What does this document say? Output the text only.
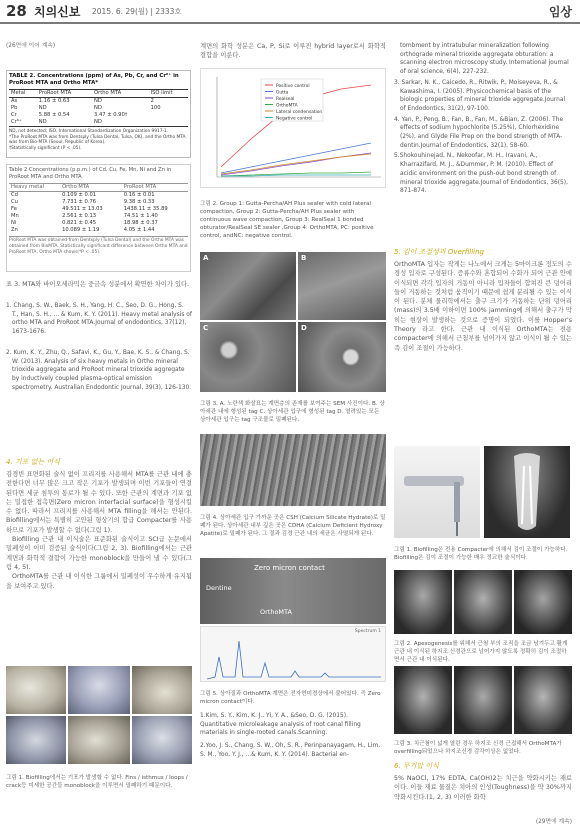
28 치의신보 2015. 6. 29(월) | 2333호	임상
(26면에 이어 계속)
TABLE 2. Concentrations (ppm) of As, Pb, Cr, and Cr⁶⁺ in ProRoot MTA and Ortho MTA*
Metal	ProRoot MTA	Ortho MTA	ISO limit
As	1.16 ± 0.63	ND	2
Pb	ND	ND	100
Cr	5.88 ± 0.54	3.47 ± 0.90†	
Cr⁶⁺	ND	ND	
ND, not detected; ISO, International Standardization Organization 9917-1.
*The ProRoot MTA was from Dentsply (Tulsa Dental, Tulsa, OK), and the Ortho MTA was from Bio-MTA (Seoul, Republic of Korea).
†Statistically significant (P < .05).
Table 2 Concentrations (p.p.m.) of Cd, Cu, Fe, Mn, Ni and Zn in ProRoot MTA and Ortho MTA
Heavy metal	Ortho MTA	ProRoot MTA
Cd	0.109 ± 0.01	0.16 ± 0.01
Cu	7.731 ± 0.76	9.38 ± 0.33
Fe	49.511 ± 13.03	1438.11 ± 35.89
Mn	2.561 ± 0.13	74.51 ± 1.40
Ni	0.821 ± 0.45	18.98 ± 0.37
Zn	10.089 ± 1.19	4.05 ± 1.44
ProRoot MTA was obtained from Dentsply (Tulsa Dental) and the Ortho MTA was obtained from BioMTA. Statistically significant difference between Ortho MTA and ProRoot MTA, Ortho MTA shows(*P < .05).
표 3. MTA와 바이오세라믹은 중금속 성분에서 확연한 차이가 있다.
1. Chang, S. W., Baek, S. H., Yang, H. C., Seo, D. G., Hong, S. T., Han, S. H., ... & Kum, K. Y. (2011). Heavy metal analysis of ortho MTA and ProRoot MTA.Journal of endodontics, 37(12), 1673-1676.
2. Kum, K. Y., Zhu, Q., Safavi, K., Gu, Y., Bae, K. S., & Chang, S. W. (2013). Analysis of six heavy metals in Ortho mineral trioxide aggregate and ProRoot mineral trioxide aggregate by inductively coupled plasma-optical emission spectrometry. Australian Endodontic Journal, 39(3), 126-130.
4. 기포 없는 이식
김경빈 표면화된 술식 없이 프리지를 사용해서 MTA를 근관 내에 충전한다면 너무 많은 크고 작은 기포가 발생되며 이번 기포들이 연결된다면 세균 침투의 통로가 될 수 있다. 또한 근관의 계면과 기포 없는 밀접한 접촉면(Zero micron interfacial surface)을 형성시킬 수 없다. 따라서 프리지를 사용해서 MTA filling을 해서는 안된다. Biofilling에서는 특별히 고안된 형상기의 합급 Compacter를 사용하므로 기포가 발생할 수 없다(그림 1).
Biofilling 근관 내 이식술은 표준화된 술식이고 SCI급 논문에서 밀폐성이 이미 검증된 술식이다(그림 2, 3). Biofilling에서는 근관 계면과 화학적 결합이 가능한 monoblock을 만들어 낼 수 있다(그림 4, 5).
OrthoMTA를 근관 내 이식한 그룹에서 밀폐성이 우수하게 유지됨을 보여주고 있다.
그림 1. Biofilling에서는 기포가 발생할 수 없다. Fins / isthmus / loops / crack등 미세한 공간들 monoblock을 이루면서 밀폐하기 때문이다.
계면의 화학 성분은 Ca, P, Si로 이루진 hybrid layer로서 화학적 결합을 이룬다.
Positive control
Gutta
Realseal
OrthoMTA
Lateral condensation
Negative control
그림 2. Group 1: Gutta-Percha/AH Plus sealer with cold lateral compaction, Group 2: Gutta-Percha/AH Plus sealer with continuous wave compaction, Group 3: RealSeal 1 bonded obturator/RealSeal SE sealer ,Group 4: OrthoMTA, PC: positive control, andNC: negative control.
A	B
C	D
그림 3. A. 노란색 화살표는 계면층의 존재를 보여주는 SEM 사진이다. B. 상아세관 내에 형성된 tag C. 상아세관 입구에 형성된 tag D. 열려있는 모든 상아세관 입구는 tag 구조물로 밀폐된다.
그림 4. 상아세관 입구 가까운 곳은 CSH (Calcium Silicate Hydrate)로 밀폐가 된다. 상아세관 내부 깊은 곳은 CDHA (Calcium Deficient Hydroxy Apatite)로 밀폐가 된다. 그 결과 김경 근관 내의 세균은 사멸되게 된다.
Zero micron contact
Dentine
OrthoMTA
Spectrum 1
그림 5. 상아질과 OrthoMTA 계면은 전자현미경상에서 붙어있다. 즉 Zero micron contact이다.
1.Kim, S. Y., Kim, K. J., Yi, Y. A., &Seo, D. G. (2015). Quantitative microleakage analysis of root canal filling materials in single-rooted canals.Scanning.
2.Yoo, J. S., Chang, S. W., Oh, S. R., Perinpanayagam, H., Lim, S. M., Yoo, Y. J., ...& Kum, K. Y. (2014). Bacterial en-
tombment by intratubular mineralization following orthograde mineral trioxide aggregate obturation: a scanning electron microscopy study. International journal of oral science, 6(4), 227-232.
3. Sarkar, N. K., Caicedo, R., Ritwik, P., Moiseyeva, R., & Kawashima, I. (2005). Physicochemical basis of the biologic properties of mineral trioxide aggregate.Journal of Endodontics, 31(2), 97-100.
4. Yan, P., Peng, B., Fan, B., Fan, M., &Bian, Z. (2006). The effects of sodium hypochlorite (5.25%), Chlorhexidine (2%), and Glyde File Prep on the bond strength of MTA-dentin.Journal of Endodontics, 32(1), 58-60.
5.Shokouhinejad, N., Nekoofar, M. H., Iravani, A., Kharrazifard, M. J., &Dummer, P. M. (2010). Effect of acidic environment on the push-out bond strength of mineral trioxide aggregate.Journal of Endodontics, 36(5), 871-874.
5. 김이 조절성과 Overfilling
OrthoMTA 입자는 작게는 나노에서 크게는 5마이크론 정도의 수경성 입자로 구성된다. 증류수와 혼합되어 수화가 되어 근관 안에 이식되면 각각 입자의 거동이 아니라 입자들이 합쳐진 큰 덩어리들이 거동하는 것처럼 움직이기 때문에 쉽게 분리될 수 있는 이식이 된다. 분체 물리학에서는 출구 크기가 거동하는 단위 덩어리(mass)의 3.5배 이하이면 100% jamming에 의해서 출구가 막히는 현상이 발생하는 것으로 증명이 되었다. 이를 Hopper's Theory 라고 한다. 근관 내 이식된 OrthoMTA는 전용 compacter에 의해서 근첨부를 넘어가지 않고 이식이 될 수 있는 즉 김이 조절이 가능하다.
그림 1. Biofilling은 전용 Compacter에 의해서 김이 조절이 가능하다. Biofilling은 김이 조절이 가능한 매우 정교한 술식이다.
그림 2. Apexogenesis를 위해서 근첨 부의 조직을 조금 남겨두고 활게 근관 내 이식된 하지조 신경관으로 넘어가지 않도록 정확히 김이 조절하면서 근관 내 이식된다.
그림 3. 치근첨이 넓게 열린 경우 하지조 신경 근접해서 OrthoMTA가 overfilling되었으나 하지조신경 감각이상은 없었다.
6. 무기압 이식
5% NaOCl, 17% EDTA, Ca(OH)2는 치근을 약화시키는 재료이다. 이들 재료 물질은 치아의 인성(Toughness)을 약 30%까지 약화시킨다.(1, 2, 3) 이러한 화학
(29면에 계속)
